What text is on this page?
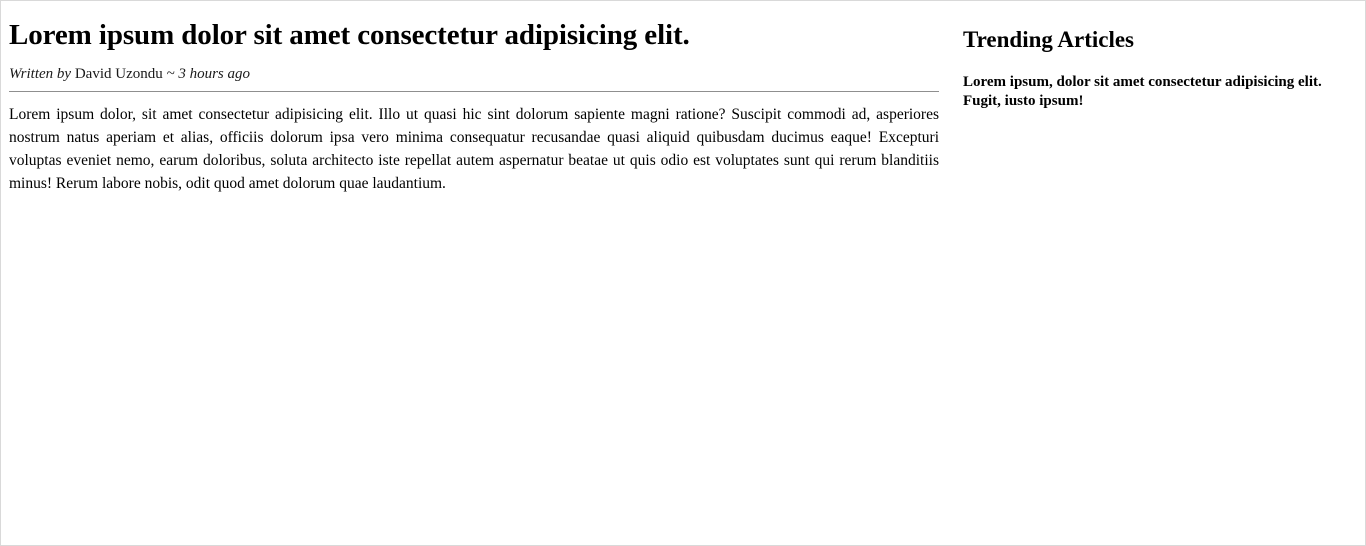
Lorem ipsum dolor sit amet consectetur adipisicing elit.

Written by David Uzondu ~ 3 hours ago

Lorem ipsum dolor, sit amet consectetur adipisicing elit. Illo ut quasi hic sint dolorum sapiente magni ratione? Suscipit commodi ad, asperiores nostrum natus aperiam et alias, officiis dolorum ipsa vero minima consequatur recusandae quasi aliquid quibusdam ducimus eaque! Excepturi voluptas eveniet nemo, earum doloribus, soluta architecto iste repellat autem aspernatur beatae ut quis odio est voluptates sunt qui rerum blanditiis minus! Rerum labore nobis, odit quod amet dolorum quae laudantium.

Trending Articles
Lorem ipsum, dolor sit amet consectetur adipisicing elit. Fugit, iusto ipsum!
